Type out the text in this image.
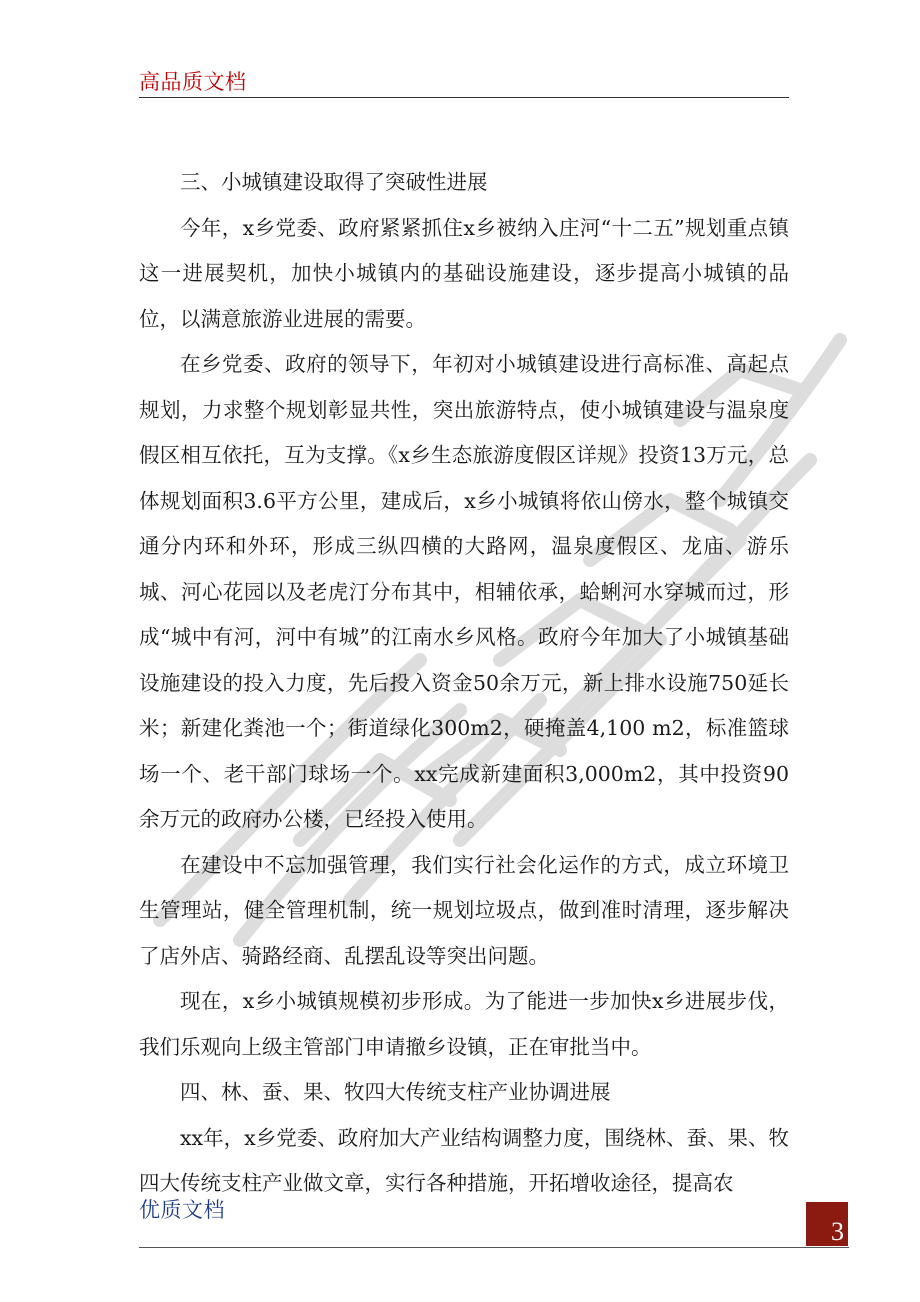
高品质文档

三、小城镇建设取得了突破性进展

今年，x乡党委、政府紧紧抓住x乡被纳入庄河“十二五”规划重点镇这一进展契机，加快小城镇内的基础设施建设，逐步提高小城镇的品位，以满意旅游业进展的需要。

在乡党委、政府的领导下，年初对小城镇建设进行高标准、高起点规划，力求整个规划彰显共性，突出旅游特点，使小城镇建设与温泉度假区相互依托，互为支撑。《x乡生态旅游度假区详规》投资13万元，总体规划面积3.6平方公里，建成后，x乡小城镇将依山傍水，整个城镇交通分内环和外环，形成三纵四横的大路网，温泉度假区、龙庙、游乐城、河心花园以及老虎汀分布其中，相辅依承，蛤蜊河水穿城而过，形成“城中有河，河中有城”的江南水乡风格。政府今年加大了小城镇基础设施建设的投入力度，先后投入资金50余万元，新上排水设施750延长米；新建化粪池一个；街道绿化300m2，硬掩盖4,100 m2，标准篮球场一个、老干部门球场一个。xx完成新建面积3,000m2，其中投资90余万元的政府办公楼，已经投入使用。

在建设中不忘加强管理，我们实行社会化运作的方式，成立环境卫生管理站，健全管理机制，统一规划垃圾点，做到准时清理，逐步解决了店外店、骑路经商、乱摆乱设等突出问题。

现在，x乡小城镇规模初步形成。为了能进一步加快x乡进展步伐，我们乐观向上级主管部门申请撤乡设镇，正在审批当中。

四、林、蚕、果、牧四大传统支柱产业协调进展

xx年，x乡党委、政府加大产业结构调整力度，围绕林、蚕、果、牧四大传统支柱产业做文章，实行各种措施，开拓增收途径，提高农

优质文档
3
